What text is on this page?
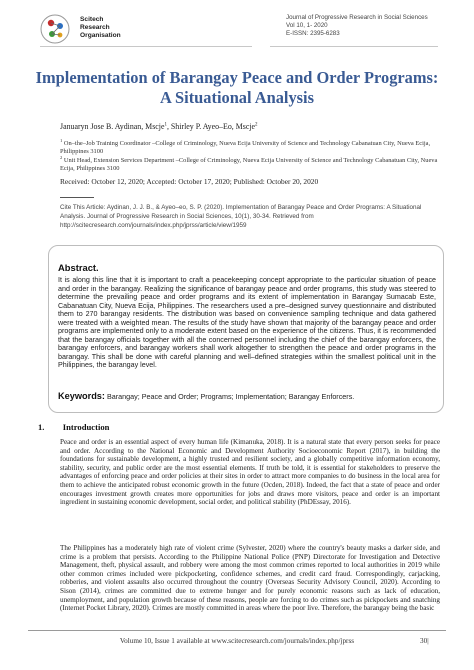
Scitech
Research
Organisation
Journal of Progressive Research in Social Sciences
Vol 10, 1- 2020
E-ISSN: 2395-6283
Implementation of Barangay Peace and Order Programs: A Situational Analysis
Januaryn Jose B. Aydinan, Mscje$^1$, Shirley P. Ayeo–Eo, Mscje$^2$
$^1$ On–the–Job Training Coordinator –College of Criminology, Nueva Ecija University of Science and Technology Cabanatuan City, Nueva Ecija, Philippines 3100
$^2$ Unit Head, Extension Services Department –College of Criminology, Nueva Ecija University of Science and Technology Cabanatuan City, Nueva Ecija, Philippines 3100
Received: October 12, 2020; Accepted: October 17, 2020; Published: October 20, 2020
Cite This Article: Aydinan, J. J. B., & Ayeo–eo, S. P. (2020). Implementation of Barangay Peace and Order Programs: A Situational Analysis. Journal of Progressive Research in Social Sciences, 10(1), 30-34. Retrieved from http://scitecresearch.com/journals/index.php/jprss/article/view/1959
Abstract.
It is along this line that it is important to craft a peacekeeping concept appropriate to the particular situation of peace and order in the barangay. Realizing the significance of barangay peace and order programs, this study was steered to determine the prevailing peace and order programs and its extent of implementation in Barangay Sumacab Este, Cabanatuan City, Nueva Ecija, Philippines. The researchers used a pre–designed survey questionnaire and distributed them to 270 barangay residents. The distribution was based on convenience sampling technique and data gathered were treated with a weighted mean. The results of the study have shown that majority of the barangay peace and order programs are implemented only to a moderate extent based on the experience of the citizens. Thus, it is recommended that the barangay officials together with all the concerned personnel including the chief of the barangay enforcers, the barangay enforcers, and barangay workers shall work altogether to strengthen the peace and order programs in the barangay. This shall be done with careful planning and well–defined strategies within the smallest political unit in the Philippines, the barangay level.
Keywords: Barangay; Peace and Order; Programs; Implementation; Barangay Enforcers.
1. Introduction
Peace and order is an essential aspect of every human life (Kimanuka, 2018). It is a natural state that every person seeks for peace and order. According to the National Economic and Development Authority Socioeconomic Report (2017), in building the foundations for sustainable development, a highly trusted and resilient society, and a globally competitive information economy, stability, security, and public order are the most essential elements. If truth be told, it is essential for stakeholders to preserve the advantages of enforcing peace and order policies at their sites in order to attract more companies to do business in the local area for them to achieve the anticipated robust economic growth in the future (Ocden, 2018). Indeed, the fact that a state of peace and order encourages investment growth creates more opportunities for jobs and draws more visitors, peace and order is an important ingredient in sustaining economic development, social order, and political stability (PhDEssay, 2016).
The Philippines has a moderately high rate of violent crime (Sylvester, 2020) where the country's beauty masks a darker side, and crime is a problem that persists. According to the Philippine National Police (PNP) Directorate for Investigation and Detective Management, theft, physical assault, and robbery were among the most common crimes reported to local authorities in 2019 while other common crimes included were pickpocketing, confidence schemes, and credit card fraud. Correspondingly, carjacking, robberies, and violent assaults also occurred throughout the country (Overseas Security Advisory Council, 2020). According to Sison (2014), crimes are committed due to extreme hunger and for purely economic reasons such as lack of education, unemployment, and population growth because of these reasons, people are forcing to do crimes such as pickpockets and snatching (Internet Pocket Library, 2020). Crimes are mostly committed in areas where the poor live. Therefore, the barangay being the basic
Volume 10, Issue 1 available at www.scitecresearch.com/journals/index.php/jprss	30|
